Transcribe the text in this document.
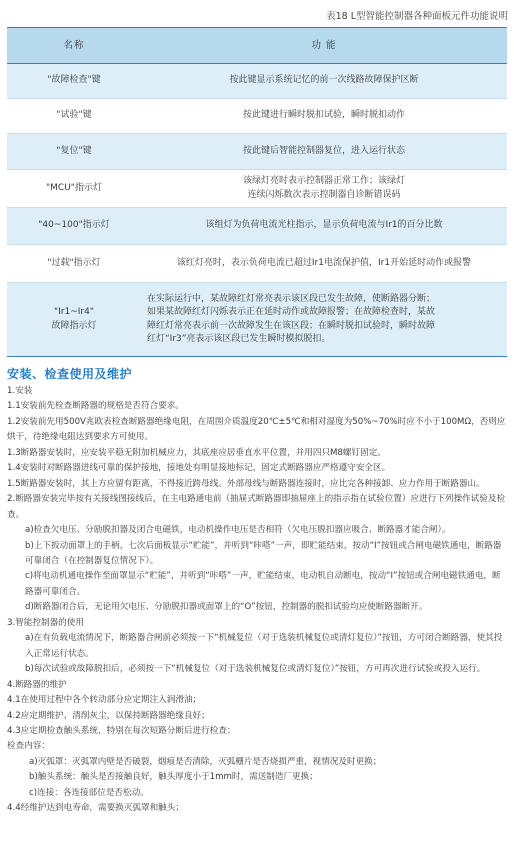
表18 L型智能控制器各种面板元件功能说明
名称	功 能
"故障检查"键	按此键显示系统记忆的前一次线路故障保护区断
"试验"键	按此键进行瞬时脱扣试验，瞬时脱扣动作
"复位"键	按此键后智能控制器复位，进入运行状态
"MCU"指示灯	该绿灯亮时表示控制器正常工作；该绿灯
连续闪烁数次表示控制器自诊断错误码
"40~100"指示灯	该组灯为负荷电流光柱指示，显示负荷电流与Ir1的百分比数
"过载"指示灯	该红灯亮时，表示负荷电流已超过Ir1电流保护值，Ir1开始延时动作或报警
"Ir1~Ir4"
故障指示灯	在实际运行中，某故障红灯常亮表示该区段已发生故障，使断路器分断；
如果某故障红灯闪烁表示正在延时动作或故障报警；在故障检查时，某故
障红灯常亮表示前一次故障发生在该区段；在瞬时脱扣试验时，瞬时故障
红灯“Ir3”亮表示该区段已发生瞬时模拟脱扣。
安装、检查使用及维护

1.安装

1.1安装前先检查断路器的规格是否符合要求。

1.2安装前先用500V兆欧表检查断路器绝缘电阻，在周围介质温度20℃±5℃和相对湿度为50%~70%时应不小于100MΩ，否则应烘干，待绝缘电阻达到要求方可使用。

1.3断路器安装时，应安装平稳无附加机械应力，其底座应居垂直水平位置，并用四只M8螺钉固定。

1.4安装时对断路器进线可靠的保护接地，接地处有明显接地标记，固定式断路器应严格遵守安全区。

1.5断路器安装时，其上方应留有距离，不得接近跨母线。外部母线与断路器连接时，应比完各种接卸、应力作用于断路器山。

2.断路器安装完毕按有关接线图接线后，在主电路通电前（抽屉式断路器即抽屉座上的指示指在试验位置）应进行下列操作试验及检查。

a)检查欠电压、分励脱扣器及闭合电磁铁，电动机操作电压是否相符（欠电压脱扣器应吸合、断路器才能合闸）。

b)上下扳动面罩上的手柄，七次后面板显示“贮能”，并听到“咔嗒”一声，即贮能结束，按动“I”按钮或合闸电磁铁通电，断路器可靠闭合（在控制器复位情况下）。

c)将电动机通电操作至面罩显示“贮能”，并听到“咔嗒”一声，贮能结束，电动机自动断电，按动“I”按钮或合闸电磁铁通电，断路器可靠闭合。

d)断路器闭合后，无论用欠电压、分励脱扣器或面罩上的“O”按钮，控制器的脱扣试验均应使断路器断开。

3.智能控制器的使用

a)在有负载电流情况下，断路器合闸前必须按一下“机械复位（对于选装机械复位或清灯复位）”按钮，方可闭合断路器，使其投入正常运行状态。

b)每次试验或故障脱扣后，必须按一下“机械复位（对于选装机械复位或清灯复位）”按钮，方可再次进行试验或投入运行。

4.断路器的维护

4.1在使用过程中各个转动部分应定期注入润滑油；

4.2应定期维护、清削灰尘，以保持断路器绝缘良好；

4.3应定期检查触头系统，特别在每次短路分断后进行检查；

检查内容：

a)灭弧罩：灭弧罩内壁是否破裂，烟痕是否清除，灭弧栅片是否烧损严重，视情况及时更换；

b)触头系统：触头是否接触良好，触头厚度小于1mm时，需送制造厂更换；

c)连接：各连接部位是否松动。

4.4经维护达到电寿命，需要换灭弧罩和触头；
